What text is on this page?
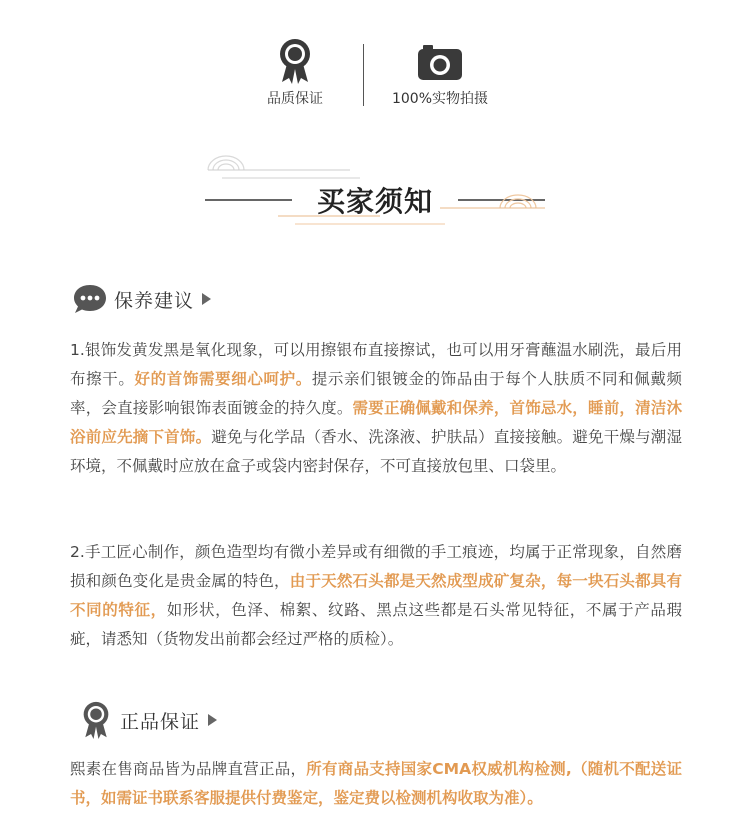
品质保证	100%实物拍摄
买家须知
保养建议
1.银饰发黄发黑是氧化现象，可以用擦银布直接擦试，也可以用牙膏蘸温水刷洗，最后用布擦干。好的首饰需要细心呵护。提示亲们银镀金的饰品由于每个人肤质不同和佩戴频率，会直接影响银饰表面镀金的持久度。需要正确佩戴和保养，首饰忌水，睡前，清洁沐浴前应先摘下首饰。避免与化学品（香水、洗涤液、护肤品）直接接触。避免干燥与潮湿环境，不佩戴时应放在盒子或袋内密封保存，不可直接放包里、口袋里。
2.手工匠心制作，颜色造型均有微小差异或有细微的手工痕迹，均属于正常现象，自然磨损和颜色变化是贵金属的特色，由于天然石头都是天然成型成矿复杂，每一块石头都具有不同的特征，如形状，色泽、棉絮、纹路、黑点这些都是石头常见特征，不属于产品瑕疵，请悉知（货物发出前都会经过严格的质检）。
正品保证
熙素在售商品皆为品牌直营正品，所有商品支持国家CMA权威机构检测,（随机不配送证书，如需证书联系客服提供付费鉴定，鉴定费以检测机构收取为准）。
